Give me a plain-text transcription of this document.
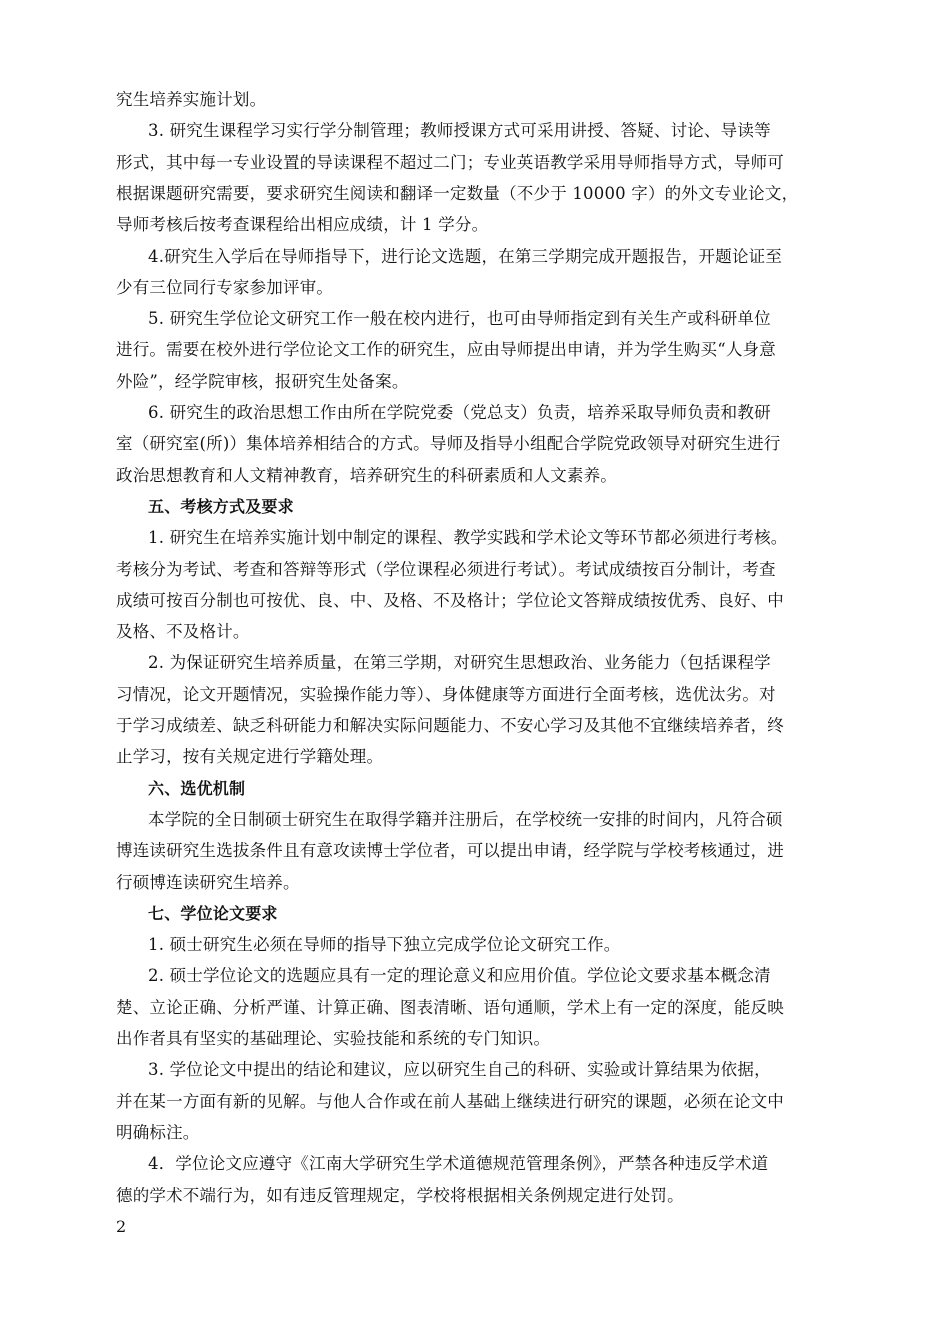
究生培养实施计划。
3. 研究生课程学习实行学分制管理；教师授课方式可采用讲授、答疑、讨论、导读等
形式，其中每一专业设置的导读课程不超过二门；专业英语教学采用导师指导方式，导师可
根据课题研究需要，要求研究生阅读和翻译一定数量（不少于 10000 字）的外文专业论文，
导师考核后按考查课程给出相应成绩，计 1 学分。
4.研究生入学后在导师指导下，进行论文选题，在第三学期完成开题报告，开题论证至
少有三位同行专家参加评审。
5. 研究生学位论文研究工作一般在校内进行，也可由导师指定到有关生产或科研单位
进行。需要在校外进行学位论文工作的研究生，应由导师提出申请，并为学生购买“人身意
外险”，经学院审核，报研究生处备案。
6. 研究生的政治思想工作由所在学院党委（党总支）负责，培养采取导师负责和教研
室（研究室(所)）集体培养相结合的方式。导师及指导小组配合学院党政领导对研究生进行
政治思想教育和人文精神教育，培养研究生的科研素质和人文素养。
五、考核方式及要求
1. 研究生在培养实施计划中制定的课程、教学实践和学术论文等环节都必须进行考核。
考核分为考试、考查和答辩等形式（学位课程必须进行考试）。考试成绩按百分制计，考查
成绩可按百分制也可按优、良、中、及格、不及格计；学位论文答辩成绩按优秀、良好、中
及格、不及格计。
2. 为保证研究生培养质量，在第三学期，对研究生思想政治、业务能力（包括课程学
习情况，论文开题情况，实验操作能力等）、身体健康等方面进行全面考核，选优汰劣。对
于学习成绩差、缺乏科研能力和解决实际问题能力、不安心学习及其他不宜继续培养者，终
止学习，按有关规定进行学籍处理。
六、选优机制
本学院的全日制硕士研究生在取得学籍并注册后，在学校统一安排的时间内，凡符合硕
博连读研究生选拔条件且有意攻读博士学位者，可以提出申请，经学院与学校考核通过，进
行硕博连读研究生培养。
七、学位论文要求
1. 硕士研究生必须在导师的指导下独立完成学位论文研究工作。
2. 硕士学位论文的选题应具有一定的理论意义和应用价值。学位论文要求基本概念清
楚、立论正确、分析严谨、计算正确、图表清晰、语句通顺，学术上有一定的深度，能反映
出作者具有坚实的基础理论、实验技能和系统的专门知识。
3. 学位论文中提出的结论和建议，应以研究生自己的科研、实验或计算结果为依据，
并在某一方面有新的见解。与他人合作或在前人基础上继续进行研究的课题，必须在论文中
明确标注。
4．学位论文应遵守《江南大学研究生学术道德规范管理条例》，严禁各种违反学术道
德的学术不端行为，如有违反管理规定，学校将根据相关条例规定进行处罚。
2
